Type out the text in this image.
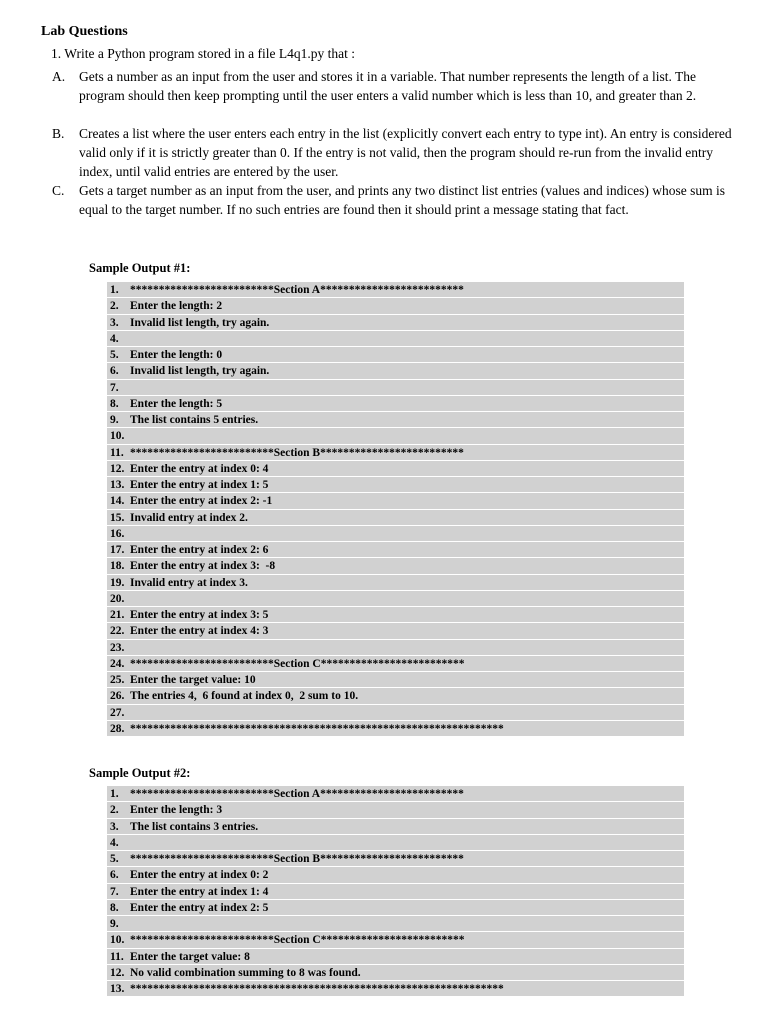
Lab Questions
1. Write a Python program stored in a file L4q1.py that :
A. Gets a number as an input from the user and stores it in a variable. That number represents the length of a list. The program should then keep prompting until the user enters a valid number which is less than 10, and greater than 2.
B. Creates a list where the user enters each entry in the list (explicitly convert each entry to type int). An entry is considered valid only if it is strictly greater than 0. If the entry is not valid, then the program should re-run from the invalid entry index, until valid entries are entered by the user.
C. Gets a target number as an input from the user, and prints any two distinct list entries (values and indices) whose sum is equal to the target number. If no such entries are found then it should print a message stating that fact.
Sample Output #1:
1. *************************Section A*************************
2. Enter the length: 2
3. Invalid list length, try again.
4.
5. Enter the length: 0
6. Invalid list length, try again.
7.
8. Enter the length: 5
9. The list contains 5 entries.
10.
11. *************************Section B*************************
12. Enter the entry at index 0: 4
13. Enter the entry at index 1: 5
14. Enter the entry at index 2: -1
15. Invalid entry at index 2.
16.
17. Enter the entry at index 2: 6
18. Enter the entry at index 3:  -8
19. Invalid entry at index 3.
20.
21. Enter the entry at index 3: 5
22. Enter the entry at index 4: 3
23.
24. *************************Section C*************************
25. Enter the target value: 10
26. The entries 4,  6 found at index 0,  2 sum to 10.
27.
28. *****************************************************************
Sample Output #2:
1. *************************Section A*************************
2. Enter the length: 3
3. The list contains 3 entries.
4.
5. *************************Section B*************************
6. Enter the entry at index 0: 2
7. Enter the entry at index 1: 4
8. Enter the entry at index 2: 5
9.
10. *************************Section C*************************
11. Enter the target value: 8
12. No valid combination summing to 8 was found.
13. *****************************************************************
